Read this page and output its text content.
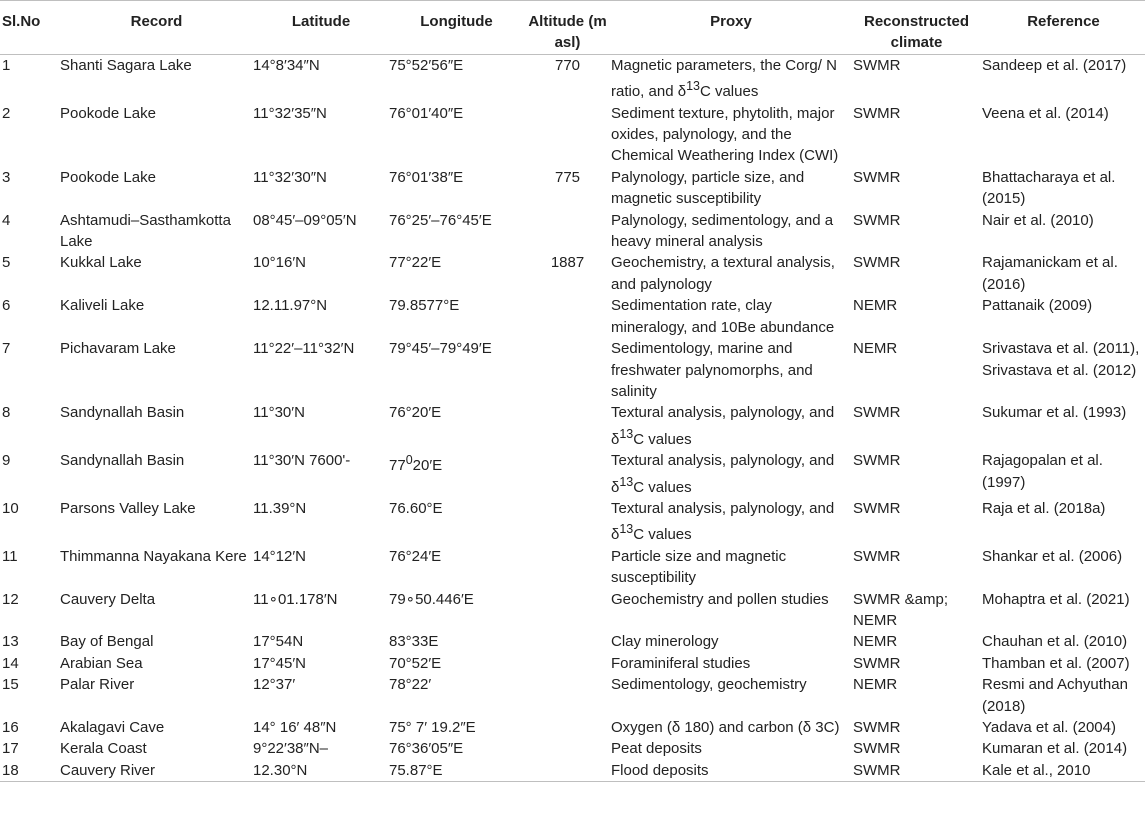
Sl.No	Record	Latitude	Longitude	Altitude (m asl)	Proxy	Reconstructed climate	Reference
1	Shanti Sagara Lake	14°8′34″N	75°52′56″E	770	Magnetic parameters, the Corg/ N ratio, and $\delta^{13}C$ values	SWMR	Sandeep et al. (2017)
2	Pookode Lake	11°32′35″N	76°01′40″E		Sediment texture, phytolith, major oxides, palynology, and the Chemical Weathering Index (CWI)	SWMR	Veena et al. (2014)
3	Pookode Lake	11°32′30″N	76°01′38″E	775	Palynology, particle size, and magnetic susceptibility	SWMR	Bhattacharaya et al. (2015)
4	Ashtamudi–Sasthamkotta Lake	08°45′–09°05′N	76°25′–76°45′E		Palynology, sedimentology, and a heavy mineral analysis	SWMR	Nair et al. (2010)
5	Kukkal Lake	10°16′N	77°22′E	1887	Geochemistry, a textural analysis, and palynology	SWMR	Rajamanickam et al. (2016)
6	Kaliveli Lake	12.11.97°N	79.8577°E		Sedimentation rate, clay mineralogy, and 10Be abundance	NEMR	Pattanaik (2009)
7	Pichavaram Lake	11°22′–11°32′N	79°45′–79°49′E		Sedimentology, marine and freshwater palynomorphs, and salinity	NEMR	Srivastava et al. (2011), Srivastava et al. (2012)
8	Sandynallah Basin	11°30′N	76°20′E		Textural analysis, palynology, and $\delta^{13}C$ values	SWMR	Sukumar et al. (1993)
9	Sandynallah Basin	11°30′N 7600'-	$77^020'E$		Textural analysis, palynology, and $\delta^{13}C$ values	SWMR	Rajagopalan et al. (1997)
10	Parsons Valley Lake	11.39°N	76.60°E		Textural analysis, palynology, and $\delta^{13}C$ values	SWMR	Raja et al. (2018a)
11	Thimmanna Nayakana Kere	14°12′N	76°24′E		Particle size and magnetic susceptibility	SWMR	Shankar et al. (2006)
12	Cauvery Delta	11∘01.178′N	79∘50.446′E		Geochemistry and pollen studies	SWMR &amp; NEMR	Mohaptra et al. (2021)
13	Bay of Bengal	17°54N	83°33E		Clay minerology	NEMR	Chauhan et al. (2010)
14	Arabian Sea	17°45′N	70°52′E		Foraminiferal studies	SWMR	Thamban et al. (2007)
15	Palar River	12°37′	78°22′		Sedimentology, geochemistry	NEMR	Resmi and Achyuthan (2018)
16	Akalagavi Cave	14° 16′ 48″N	75° 7′ 19.2″E		Oxygen (δ 180) and carbon (δ 3C)	SWMR	Yadava et al. (2004)
17	Kerala Coast	9°22′38″N–	76°36′05″E		Peat deposits	SWMR	Kumaran et al. (2014)
18	Cauvery River	12.30°N	75.87°E		Flood deposits	SWMR	Kale et al., 2010
